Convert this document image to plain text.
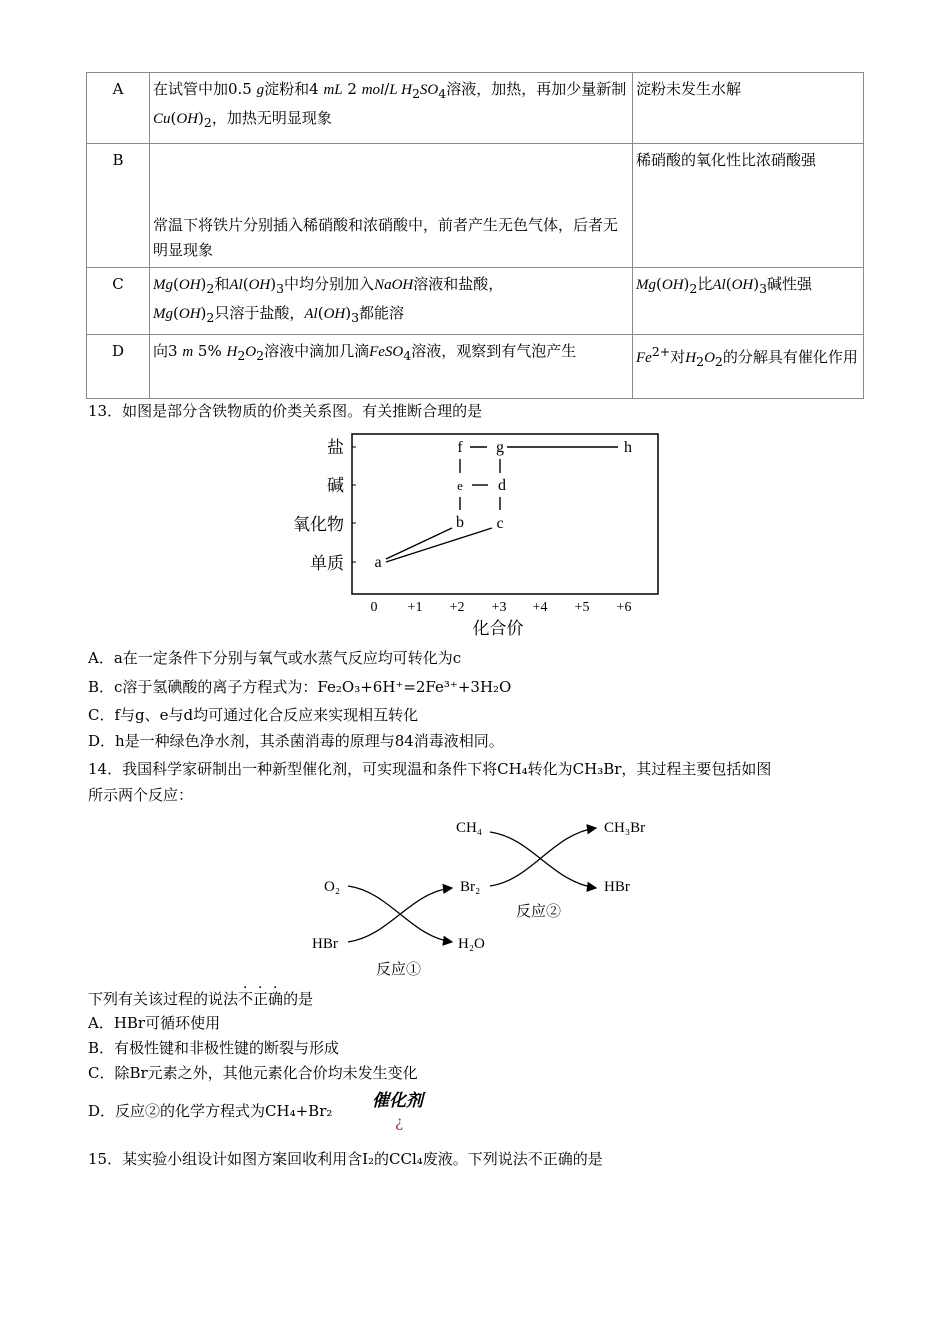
A	在试管中加0.5 g淀粉和4 mL 2 mol/L $H_2SO_4$溶液，加热，再加少量新制$Cu(OH)_2$，加热无明显现象	淀粉未发生水解
B	常温下将铁片分别插入稀硝酸和浓硝酸中，前者产生无色气体，后者无明显现象	稀硝酸的氧化性比浓硝酸强
C	$Mg(OH)_2$和$Al(OH)_3$中均分别加入NaOH溶液和盐酸，
$Mg(OH)_2$只溶于盐酸，$Al(OH)_3$都能溶	$Mg(OH)_2$比$Al(OH)_3$碱性强
D	向3 m 5% $H_2O_2$溶液中滴加几滴FeSO$_4$溶液，观察到有气泡产生	$Fe^{2+}$对$H_2O_2$的分解具有催化作用
13．如图是部分含铁物质的价类关系图。有关推断合理的是
盐
碱
氧化物
单质
0 +1 +2 +3 +4 +5 +6
化合价
a
b c
d
e
f g	h
A．a在一定条件下分别与氧气或水蒸气反应均可转化为c
B．c溶于氢碘酸的离子方程式为：Fe₂O₃+6H⁺=2Fe³⁺+3H₂O
C．f与g、e与d均可通过化合反应来实现相互转化
D．h是一种绿色净水剂，其杀菌消毒的原理与84消毒液相同。
14．我国科学家研制出一种新型催化剂，可实现温和条件下将CH₄转化为CH₃Br，其过程主要包括如图
所示两个反应：
O₂
HBr	H₂O
反应①
CH₄
Br₂
CH₃Br
HBr
反应②
下列有关该过程的说法不正确的是
A．HBr可循环使用
B．有极性键和非极性键的断裂与形成
C．除Br元素之外，其他元素化合价均未发生变化
D．反应②的化学方程式为CH₄+Br₂ 催化剂
¿
15．某实验小组设计如图方案回收利用含I₂的CCl₄废液。下列说法不正确的是
